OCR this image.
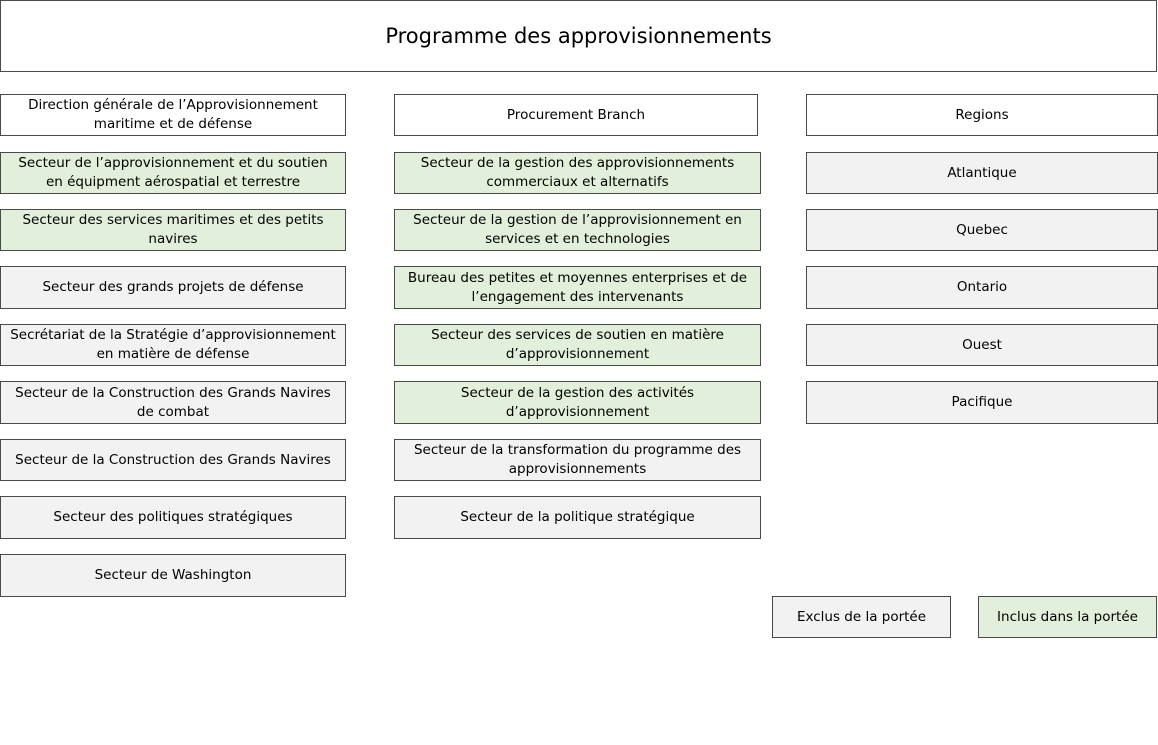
Programme des approvisionnements
Direction générale de l’Approvisionnement maritime et de défense
Secteur de l’approvisionnement et du soutien en équipment aérospatial et terrestre
Secteur des services maritimes et des petits navires
Secteur des grands projets de défense
Secrétariat de la Stratégie d’approvisionnement en matière de défense
Secteur de la Construction des Grands Navires de combat
Secteur de la Construction des Grands Navires
Secteur des politiques stratégiques
Secteur de Washington
Procurement Branch
Secteur de la gestion des approvisionnements commerciaux et alternatifs
Secteur de la gestion de l’approvisionnement en services et en technologies
Bureau des petites et moyennes enterprises et de l’engagement des intervenants
Secteur des services de soutien en matière d’approvisionnement
Secteur de la gestion des activités d’approvisionnement
Secteur de la transformation du programme des approvisionnements
Secteur de la politique stratégique
Regions
Atlantique
Quebec
Ontario
Ouest
Pacifique
Exclus de la portée	Inclus dans la portée
